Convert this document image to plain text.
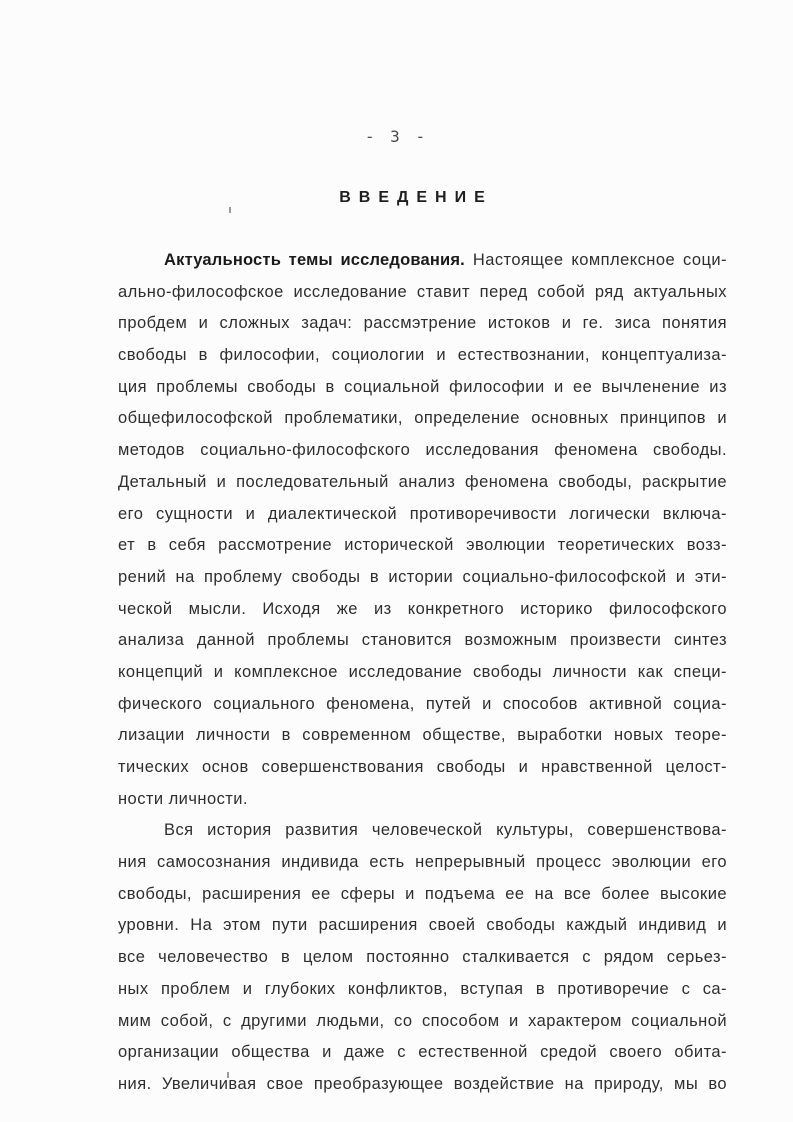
- 3 -
ВВЕДЕНИЕ
Актуальность темы исследования. Настоящее комплексное соци-
ально-философское исследование ставит перед собой ряд актуальных
пробдем и сложных задач: рассмэтрение истоков и ге. зиса понятия
свободы в философии, социологии и естествознании, концептуализа-
ция проблемы свободы в социальной философии и ее вычленение из
общефилософской проблематики, определение основных принципов и
методов социально-философского исследования феномена свободы.
Детальный и последовательный анализ феномена свободы, раскрытие
его сущности и диалектической противоречивости логически включа-
ет в себя рассмотрение исторической эволюции теоретических возз-
рений на проблему свободы в истории социально-философской и эти-
ческой мысли. Исходя же из конкретного историко философского
анализа данной проблемы становится возможным произвести синтез
концепций и комплексное исследование свободы личности как специ-
фического социального феномена, путей и способов активной социа-
лизации личности в современном обществе, выработки новых теоре-
тических основ совершенствования свободы и нравственной целост-
ности личности.
Вся история развития человеческой культуры, совершенствова-
ния самосознания индивида есть непрерывный процесс эволюции его
свободы, расширения ее сферы и подъема ее на все более высокие
уровни. На этом пути расширения своей свободы каждый индивид и
все человечество в целом постоянно сталкивается с рядом серьез-
ных проблем и глубоких конфликтов, вступая в противоречие с са-
мим собой, с другими людьми, со способом и характером социальной
организации общества и даже с естественной средой своего обита-
ния. Увеличивая свое преобразующее воздействие на природу, мы во
